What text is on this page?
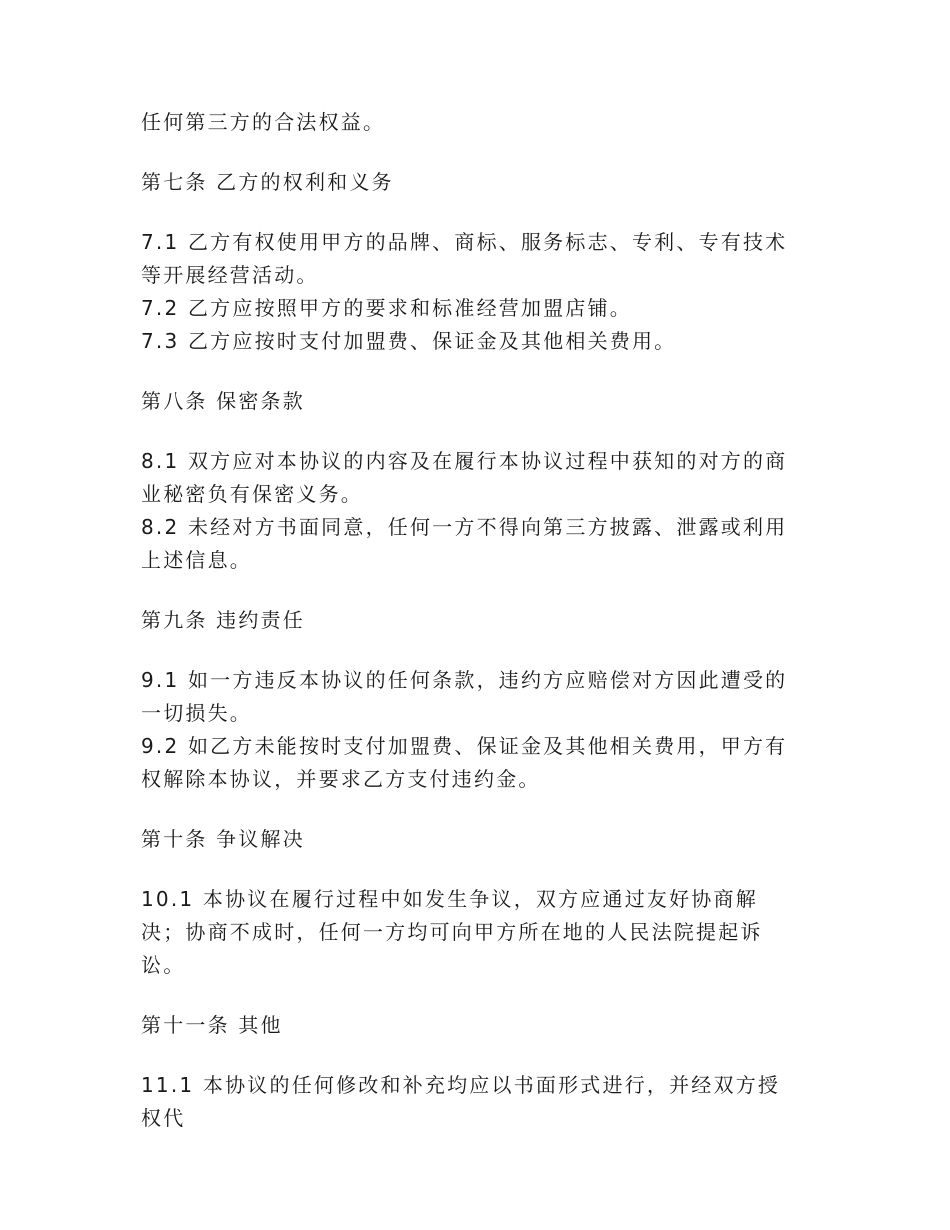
任何第三方的合法权益。

第七条 乙方的权利和义务

7.1 乙方有权使用甲方的品牌、商标、服务标志、专利、专有技术等开展经营活动。

7.2 乙方应按照甲方的要求和标准经营加盟店铺。

7.3 乙方应按时支付加盟费、保证金及其他相关费用。

第八条 保密条款

8.1 双方应对本协议的内容及在履行本协议过程中获知的对方的商业秘密负有保密义务。

8.2 未经对方书面同意，任何一方不得向第三方披露、泄露或利用上述信息。

第九条 违约责任

9.1 如一方违反本协议的任何条款，违约方应赔偿对方因此遭受的一切损失。

9.2 如乙方未能按时支付加盟费、保证金及其他相关费用，甲方有权解除本协议，并要求乙方支付违约金。

第十条 争议解决

10.1 本协议在履行过程中如发生争议，双方应通过友好协商解决；协商不成时，任何一方均可向甲方所在地的人民法院提起诉讼。

第十一条 其他

11.1 本协议的任何修改和补充均应以书面形式进行，并经双方授权代
